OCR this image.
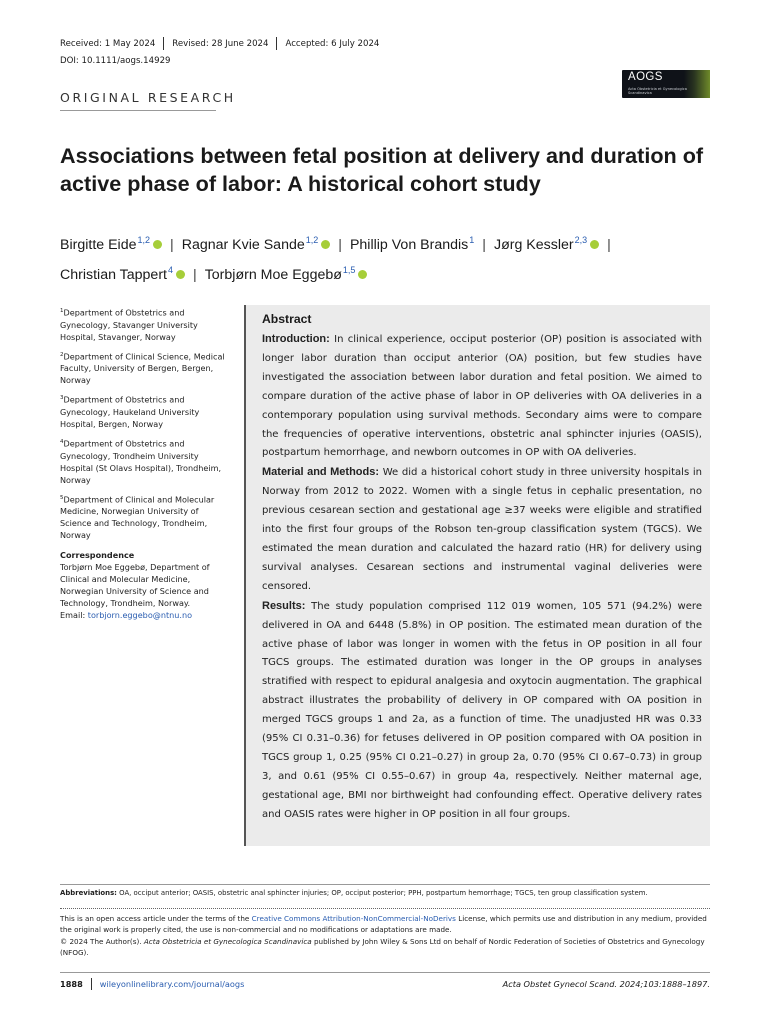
Received: 1 May 2024 Revised: 28 June 2024 Accepted: 6 July 2024
DOI: 10.1111/aogs.14929
ORIGINAL RESEARCH
AOGS
Acta Obstetricia et Gynecologica Scandinavica
Associations between fetal position at delivery and duration of active phase of labor: A historical cohort study
Birgitte Eide$^{1,2}$ iD | Ragnar Kvie Sande$^{1,2}$ iD | Phillip Von Brandis$^1$ | Jørg Kessler$^{2,3}$iD |
Christian Tappert$^4$ iD | Torbjørn Moe Eggebø$^{1,5}$iD

$^1$Department of Obstetrics and Gynecology, Stavanger University Hospital, Stavanger, Norway

$^2$Department of Clinical Science, Medical Faculty, University of Bergen, Bergen, Norway

$^3$Department of Obstetrics and Gynecology, Haukeland University Hospital, Bergen, Norway

$^4$Department of Obstetrics and Gynecology, Trondheim University Hospital (St Olavs Hospital), Trondheim, Norway

$^5$Department of Clinical and Molecular Medicine, Norwegian University of Science and Technology, Trondheim, Norway

Correspondence
Torbjørn Moe Eggebø, Department of Clinical and Molecular Medicine, Norwegian University of Science and Technology, Trondheim, Norway.
Email: torbjorn.eggebo@ntnu.no
Abstract

Introduction: In clinical experience, occiput posterior (OP) position is associated with longer labor duration than occiput anterior (OA) position, but few studies have investigated the association between labor duration and fetal position. We aimed to compare duration of the active phase of labor in OP deliveries with OA deliveries in a contemporary population using survival methods. Secondary aims were to compare the frequencies of operative interventions, obstetric anal sphincter injuries (OASIS), postpartum hemorrhage, and newborn outcomes in OP with OA deliveries.

Material and Methods: We did a historical cohort study in three university hospitals in Norway from 2012 to 2022. Women with a single fetus in cephalic presentation, no previous cesarean section and gestational age ≥37 weeks were eligible and stratified into the first four groups of the Robson ten-group classification system (TGCS). We estimated the mean duration and calculated the hazard ratio (HR) for delivery using survival analyses. Cesarean sections and instrumental vaginal deliveries were censored.

Results: The study population comprised 112 019 women, 105 571 (94.2%) were delivered in OA and 6448 (5.8%) in OP position. The estimated mean duration of the active phase of labor was longer in women with the fetus in OP position in all four TGCS groups. The estimated duration was longer in the OP groups in analyses stratified with respect to epidural analgesia and oxytocin augmentation. The graphical abstract illustrates the probability of delivery in OP compared with OA position in merged TGCS groups 1 and 2a, as a function of time. The unadjusted HR was 0.33 (95% CI 0.31–0.36) for fetuses delivered in OP position compared with OA position in TGCS group 1, 0.25 (95% CI 0.21–0.27) in group 2a, 0.70 (95% CI 0.67–0.73) in group 3, and 0.61 (95% CI 0.55–0.67) in group 4a, respectively. Neither maternal age, gestational age, BMI nor birthweight had confounding effect. Operative delivery rates and OASIS rates were higher in OP position in all four groups.

Abbreviations: OA, occiput anterior; OASIS, obstetric anal sphincter injuries; OP, occiput posterior; PPH, postpartum hemorrhage; TGCS, ten group classification system.
This is an open access article under the terms of the Creative Commons Attribution-NonCommercial-NoDerivs License, which permits use and distribution in any medium, provided the original work is properly cited, the use is non-commercial and no modifications or adaptations are made.
© 2024 The Author(s). Acta Obstetricia et Gynecologica Scandinavica published by John Wiley & Sons Ltd on behalf of Nordic Federation of Societies of Obstetrics and Gynecology (NFOG).
1888 wileyonlinelibrary.com/journal/aogs	Acta Obstet Gynecol Scand. 2024;103:1888–1897.
